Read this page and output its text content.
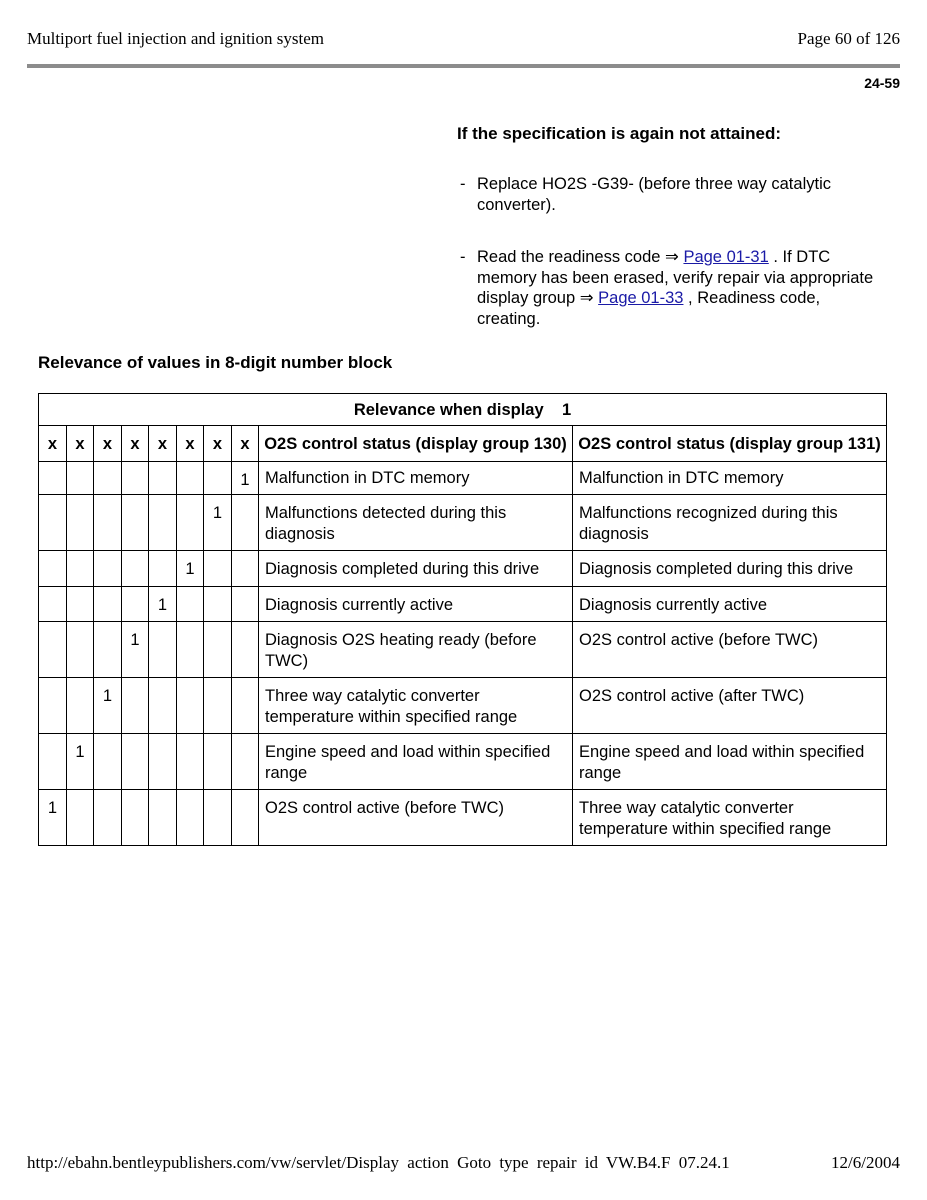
Multiport fuel injection and ignition system	Page 60 of 126
24-59
If the specification is again not attained:
- Replace HO2S -G39- (before three way catalytic converter).
- Read the readiness code ⇒ Page 01-31 . If DTC memory has been erased, verify repair via appropriate display group ⇒ Page 01-33 , Readiness code, creating.
Relevance of values in 8-digit number block
Relevance when display    1									
x	x	x	x	x	x	x	x	O2S control status (display group 130)	O2S control status (display group 131)
							1	Malfunction in DTC memory	Malfunction in DTC memory
						1		Malfunctions detected during this diagnosis	Malfunctions recognized during this diagnosis
					1			Diagnosis completed during this drive	Diagnosis completed during this drive
				1				Diagnosis currently active	Diagnosis currently active
			1					Diagnosis O2S heating ready (before TWC)	O2S control active (before TWC)
		1						Three way catalytic converter temperature within specified range	O2S control active (after TWC)
	1							Engine speed and load within specified range	Engine speed and load within specified range
1								O2S control active (before TWC)	Three way catalytic converter temperature within specified range
http://ebahn.bentleypublishers.com/vw/servlet/Display action Goto type repair id VW.B4.F 07.24.1	12/6/2004
